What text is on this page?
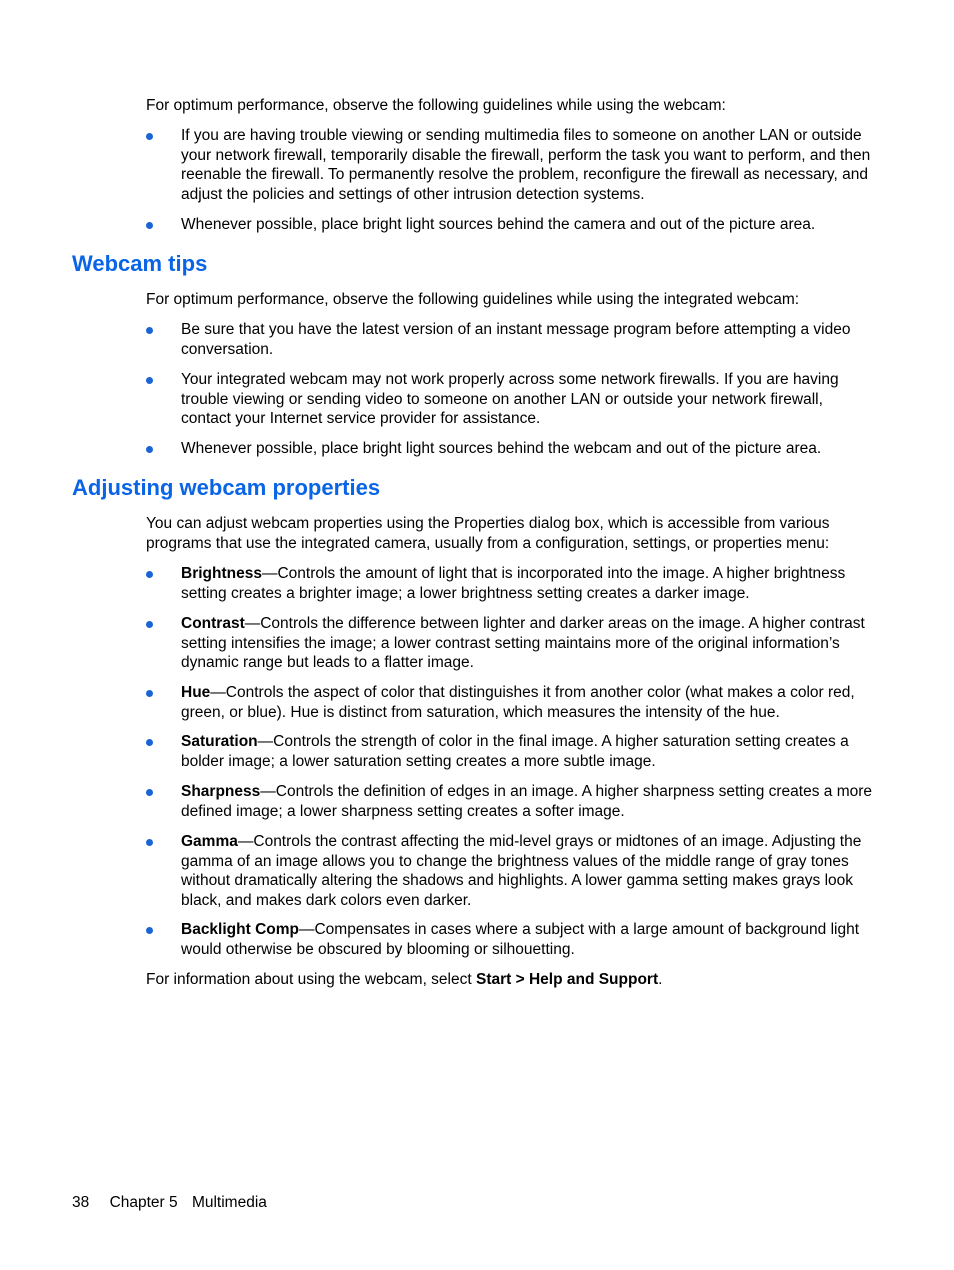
For optimum performance, observe the following guidelines while using the webcam:

If you are having trouble viewing or sending multimedia files to someone on another LAN or outside your network firewall, temporarily disable the firewall, perform the task you want to perform, and then reenable the firewall. To permanently resolve the problem, reconfigure the firewall as necessary, and adjust the policies and settings of other intrusion detection systems.

Whenever possible, place bright light sources behind the camera and out of the picture area.

Webcam tips

For optimum performance, observe the following guidelines while using the integrated webcam:

Be sure that you have the latest version of an instant message program before attempting a video conversation.

Your integrated webcam may not work properly across some network firewalls. If you are having trouble viewing or sending video to someone on another LAN or outside your network firewall, contact your Internet service provider for assistance.

Whenever possible, place bright light sources behind the webcam and out of the picture area.

Adjusting webcam properties

You can adjust webcam properties using the Properties dialog box, which is accessible from various programs that use the integrated camera, usually from a configuration, settings, or properties menu:

Brightness—Controls the amount of light that is incorporated into the image. A higher brightness setting creates a brighter image; a lower brightness setting creates a darker image.

Contrast—Controls the difference between lighter and darker areas on the image. A higher contrast setting intensifies the image; a lower contrast setting maintains more of the original information’s dynamic range but leads to a flatter image.

Hue—Controls the aspect of color that distinguishes it from another color (what makes a color red, green, or blue). Hue is distinct from saturation, which measures the intensity of the hue.

Saturation—Controls the strength of color in the final image. A higher saturation setting creates a bolder image; a lower saturation setting creates a more subtle image.

Sharpness—Controls the definition of edges in an image. A higher sharpness setting creates a more defined image; a lower sharpness setting creates a softer image.

Gamma—Controls the contrast affecting the mid-level grays or midtones of an image. Adjusting the gamma of an image allows you to change the brightness values of the middle range of gray tones without dramatically altering the shadows and highlights. A lower gamma setting makes grays look black, and makes dark colors even darker.

Backlight Comp—Compensates in cases where a subject with a large amount of background light would otherwise be obscured by blooming or silhouetting.

For information about using the webcam, select Start > Help and Support.

38 Chapter 5 Multimedia
